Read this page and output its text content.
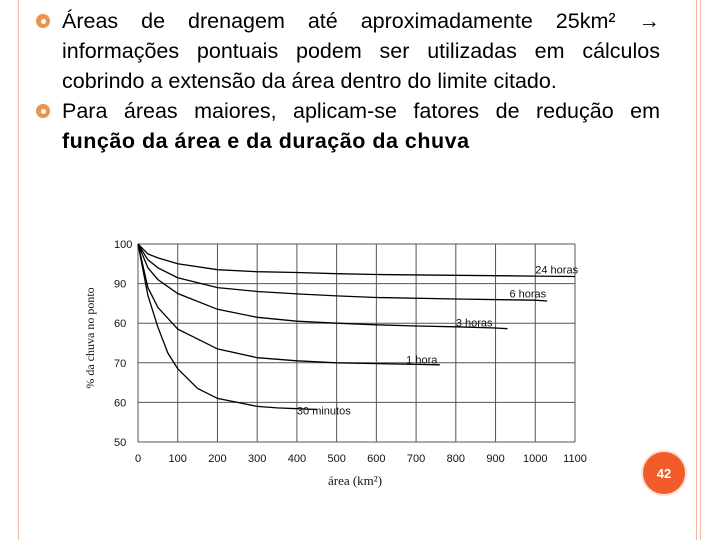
Áreas de drenagem até aproximadamente 25km² → informações pontuais podem ser utilizadas em cálculos cobrindo a extensão da área dentro do limite citado.
Para áreas maiores, aplicam-se fatores de redução em função da área e da duração da chuva
100
90
60
70
60
50
0 100 200 300 400 500 600 700 800 900 1000 1100
24 horas
6 horas
3 horas
1 hora
30 minutos
% da chuva no ponto
área (km²)	42
